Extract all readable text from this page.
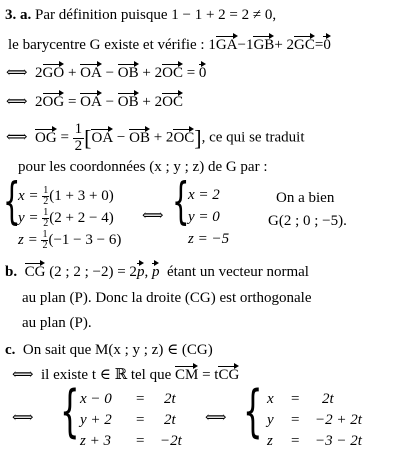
3. a. Par définition puisque 1 − 1 + 2 = 2 ≠ 0,
le barycentre G existe et vérifie : 1GA−1GB+ 2GC=0
⟺ 2GO + OA − OB + 2OC = 0
⟺ 2OG = OA − OB + 2OC
⟺ OG = $\frac{1}{2}[OA$ − OB + 2OC], ce qui se traduit
pour les coordonnées (x ; y ; z) de G par :
{
$x = \frac{1}{2} (1 + 3 + 0)$
$y = \frac{1}{2} (2 + 2 - 4)$
$z = \frac{1}{2} (-1 - 3 - 6)$
⟺ {
x = 2
y = 0
z = −5
On a bien
G(2 ; 0 ; −5).
b. CG (2 ; 2 ; −2) = 2p, p étant un vecteur normal
au plan (P). Donc la droite (CG) est orthogonale
au plan (P).
c. On sait que M(x ; y ; z) ∈ (CG)
⟺ il existe t ∈ ℝ tel que CM = tCG
⟺ { x − 0 = 2t
y + 2 = 2t
z + 3 = −2t
⟺ { x = 2t
y = −2 + 2t
z = −3 − 2t
